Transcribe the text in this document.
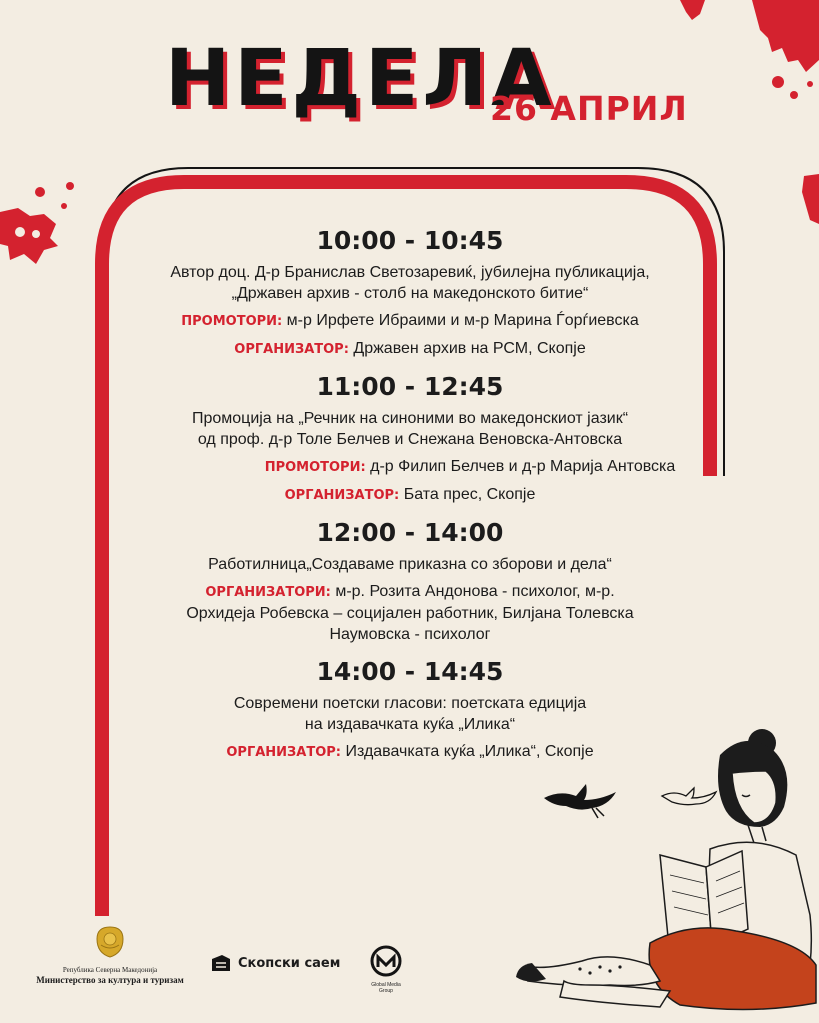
НЕДЕЛА
26 АПРИЛ
10:00 - 10:45

Автор доц. Д-р Бранислав Светозаревиќ, јубилејна публикација,

„Државен архив - столб на македонското битие“

ПРОМОТОРИ: м-р Ирфете Ибраими и м-р Марина Ѓорѓиевска

ОРГАНИЗАТОР: Државен архив на РСМ, Скопје

11:00 - 12:45

Промоција на „Речник на синоними во македонскиот јазик“

од проф. д-р Толе Белчев и Снежана Веновска-Антовска

ПРОМОТОРИ: д-р Филип Белчев и д-р Марија Антовска

ОРГАНИЗАТОР: Бата прес, Скопје

12:00 - 14:00

Работилница„Создаваме приказна со зборови и дела“

ОРГАНИЗАТОРИ: м-р. Розита Андонова - психолог, м-р.

Орхидеја Робевска – социјален работник, Билјана Толевска

Наумовска - психолог

14:00 - 14:45

Современи поетски гласови: поетската едиција

на издавачката куќа „Илика“

ОРГАНИЗАТОР: Издавачката куќа „Илика“, Скопје

Република Северна Македонија
Министерство за култура и туризам
Скопски саем
Global Media Group
